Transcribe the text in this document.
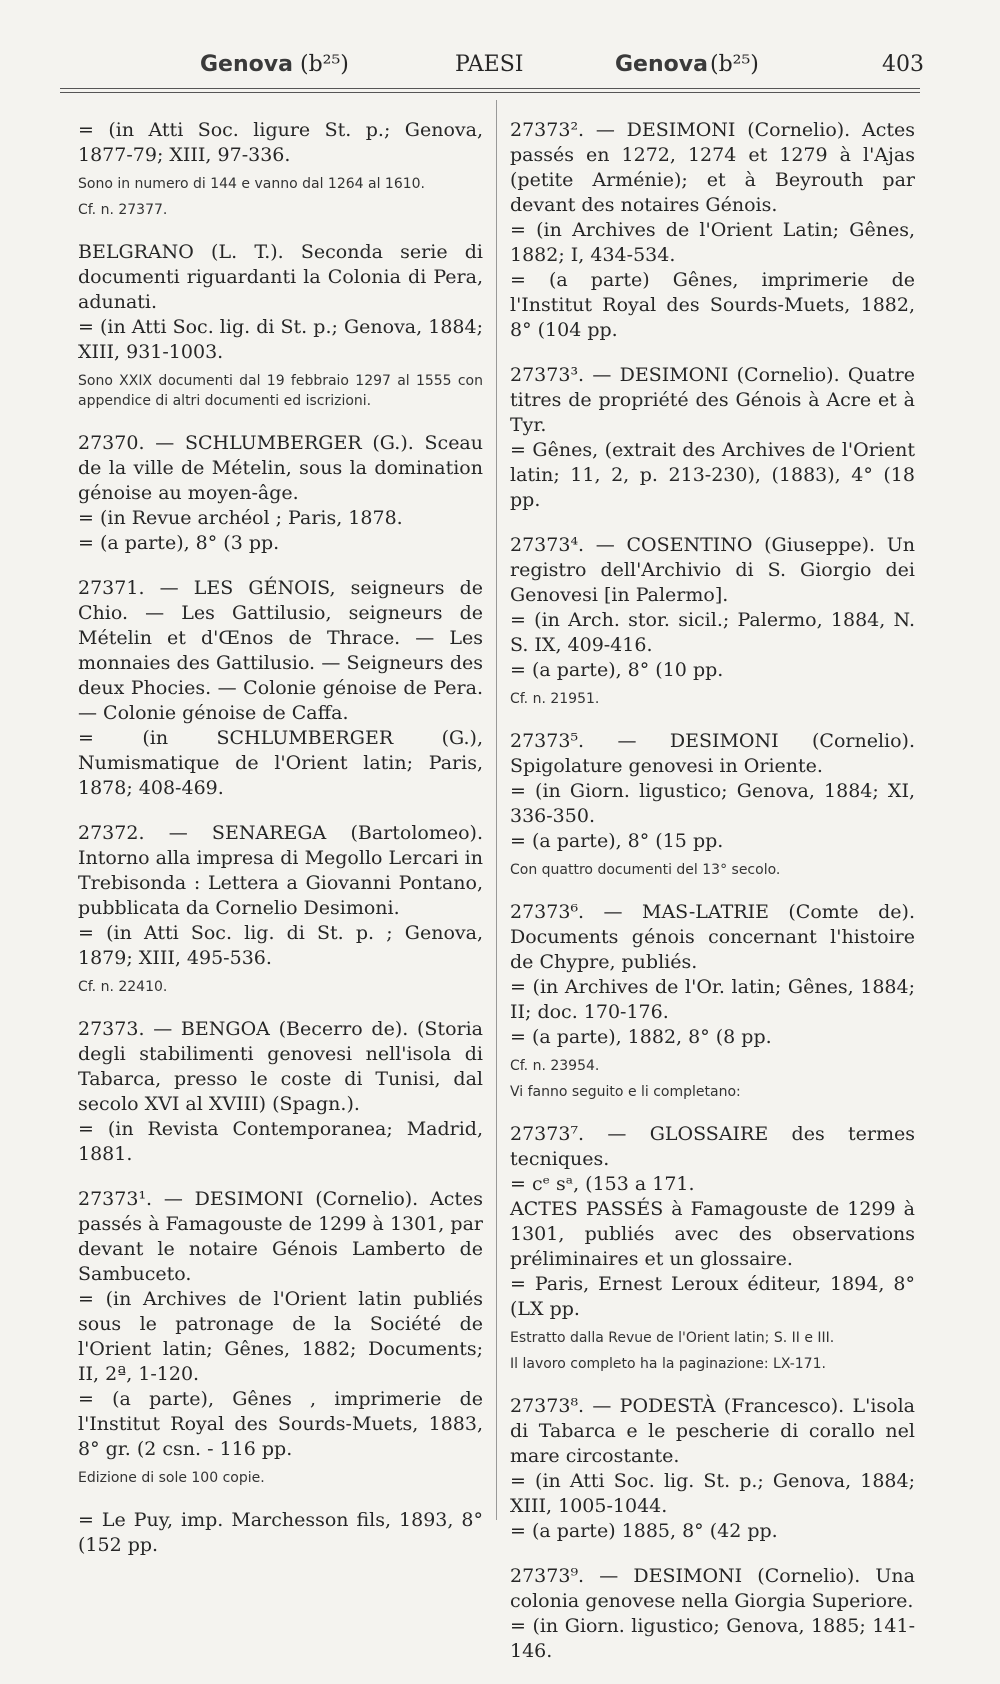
Genova (b²⁵)	PAESI	Genova (b²⁵)	403

= (in Atti Soc. ligure St. p.; Genova, 1877-79; XIII, 97-336.

Sono in numero di 144 e vanno dal 1264 al 1610.

Cf. n. 27377.

BELGRANO (L. T.). Seconda serie di documenti riguardanti la Colonia di Pera, adunati.

= (in Atti Soc. lig. di St. p.; Genova, 1884; XIII, 931-1003.

Sono XXIX documenti dal 19 febbraio 1297 al 1555 con appendice di altri documenti ed iscrizioni.

27370. — SCHLUMBERGER (G.). Sceau de la ville de Mételin, sous la domination génoise au moyen-âge.

= (in Revue archéol ; Paris, 1878.

= (a parte), 8° (3 pp.

27371. — LES GÉNOIS, seigneurs de Chio. — Les Gattilusio, seigneurs de Mételin et d'Œnos de Thrace. — Les monnaies des Gattilusio. — Seigneurs des deux Phocies. — Colonie génoise de Pera. — Colonie génoise de Caffa.

= (in SCHLUMBERGER (G.), Numismatique de l'Orient latin; Paris, 1878; 408-469.

27372. — SENAREGA (Bartolomeo). Intorno alla impresa di Megollo Lercari in Trebisonda : Lettera a Giovanni Pontano, pubblicata da Cornelio Desimoni.

= (in Atti Soc. lig. di St. p. ; Genova, 1879; XIII, 495-536.

Cf. n. 22410.

27373. — BENGOA (Becerro de). (Storia degli stabilimenti genovesi nell'isola di Tabarca, presso le coste di Tunisi, dal secolo XVI al XVIII) (Spagn.).

= (in Revista Contemporanea; Madrid, 1881.

27373¹. — DESIMONI (Cornelio). Actes passés à Famagouste de 1299 à 1301, par devant le notaire Génois Lamberto de Sambuceto.

= (in Archives de l'Orient latin publiés sous le patronage de la Société de l'Orient latin; Gênes, 1882; Documents; II, 2ª, 1-120.

= (a parte), Gênes , imprimerie de l'Institut Royal des Sourds-Muets, 1883, 8° gr. (2 csn. - 116 pp.

Edizione di sole 100 copie.

= Le Puy, imp. Marchesson fils, 1893, 8° (152 pp.

27373². — DESIMONI (Cornelio). Actes passés en 1272, 1274 et 1279 à l'Ajas (petite Arménie); et à Beyrouth par devant des notaires Génois.

= (in Archives de l'Orient Latin; Gênes, 1882; I, 434-534.

= (a parte) Gênes, imprimerie de l'Institut Royal des Sourds-Muets, 1882, 8° (104 pp.

27373³. — DESIMONI (Cornelio). Quatre titres de propriété des Génois à Acre et à Tyr.

= Gênes, (extrait des Archives de l'Orient latin; 11, 2, p. 213-230), (1883), 4° (18 pp.

27373⁴. — COSENTINO (Giuseppe). Un registro dell'Archivio di S. Giorgio dei Genovesi [in Palermo].

= (in Arch. stor. sicil.; Palermo, 1884, N. S. IX, 409-416.

= (a parte), 8° (10 pp.

Cf. n. 21951.

27373⁵. — DESIMONI (Cornelio). Spigolature genovesi in Oriente.

= (in Giorn. ligustico; Genova, 1884; XI, 336-350.

= (a parte), 8° (15 pp.

Con quattro documenti del 13° secolo.

27373⁶. — MAS-LATRIE (Comte de). Documents génois concernant l'histoire de Chypre, publiés.

= (in Archives de l'Or. latin; Gênes, 1884; II; doc. 170-176.

= (a parte), 1882, 8° (8 pp.

Cf. n. 23954.

Vi fanno seguito e li completano:

27373⁷. — GLOSSAIRE des termes tecniques.

= cᵉ sᵃ, (153 a 171.

ACTES PASSÉS à Famagouste de 1299 à 1301, publiés avec des observations préliminaires et un glossaire.

= Paris, Ernest Leroux éditeur, 1894, 8° (LX pp.

Estratto dalla Revue de l'Orient latin; S. II e III.

Il lavoro completo ha la paginazione: LX-171.

27373⁸. — PODESTÀ (Francesco). L'isola di Tabarca e le pescherie di corallo nel mare circostante.

= (in Atti Soc. lig. St. p.; Genova, 1884; XIII, 1005-1044.

= (a parte) 1885, 8° (42 pp.

27373⁹. — DESIMONI (Cornelio). Una colonia genovese nella Giorgia Superiore.

= (in Giorn. ligustico; Genova, 1885; 141-146.
